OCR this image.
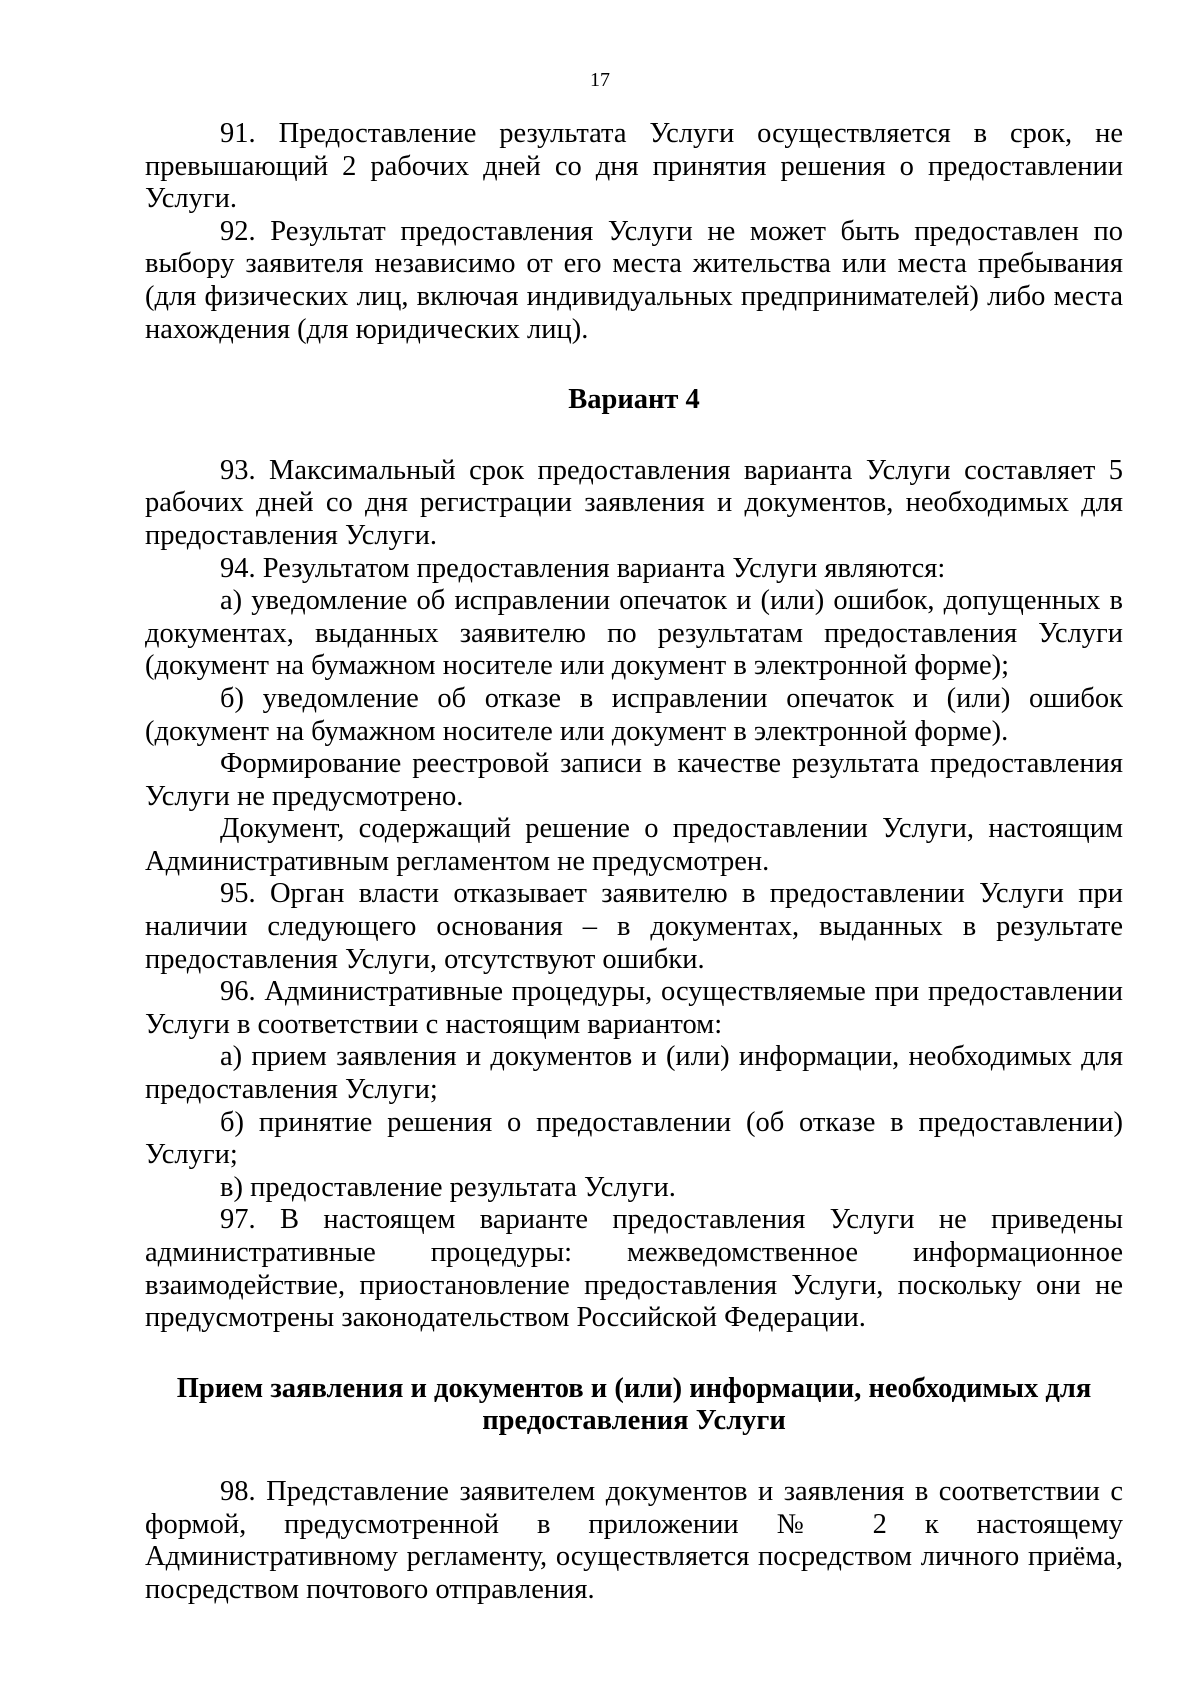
17

91. Предоставление результата Услуги осуществляется в срок, не превышающий 2 рабочих дней со дня принятия решения о предоставлении Услуги.

92. Результат предоставления Услуги не может быть предоставлен по выбору заявителя независимо от его места жительства или места пребывания (для физических лиц, включая индивидуальных предпринимателей) либо места нахождения (для юридических лиц).

Вариант 4

93. Максимальный срок предоставления варианта Услуги составляет 5 рабочих дней со дня регистрации заявления и документов, необходимых для предоставления Услуги.

94. Результатом предоставления варианта Услуги являются:

а) уведомление об исправлении опечаток и (или) ошибок, допущенных в документах, выданных заявителю по результатам предоставления Услуги (документ на бумажном носителе или документ в электронной форме);

б) уведомление об отказе в исправлении опечаток и (или) ошибок (документ на бумажном носителе или документ в электронной форме).

Формирование реестровой записи в качестве результата предоставления Услуги не предусмотрено.

Документ, содержащий решение о предоставлении Услуги, настоящим Административным регламентом не предусмотрен.

95. Орган власти отказывает заявителю в предоставлении Услуги при наличии следующего основания – в документах, выданных в результате предоставления Услуги, отсутствуют ошибки.

96. Административные процедуры, осуществляемые при предоставлении Услуги в соответствии с настоящим вариантом:

а) прием заявления и документов и (или) информации, необходимых для предоставления Услуги;

б) принятие решения о предоставлении (об отказе в предоставлении) Услуги;

в) предоставление результата Услуги.

97. В настоящем варианте предоставления Услуги не приведены административные процедуры: межведомственное информационное взаимодействие, приостановление предоставления Услуги, поскольку они не предусмотрены законодательством Российской Федерации.

Прием заявления и документов и (или) информации, необходимых для предоставления Услуги

98. Представление заявителем документов и заявления в соответствии с формой, предусмотренной в приложении № 2 к настоящему Административному регламенту, осуществляется посредством личного приёма, посредством почтового отправления.
